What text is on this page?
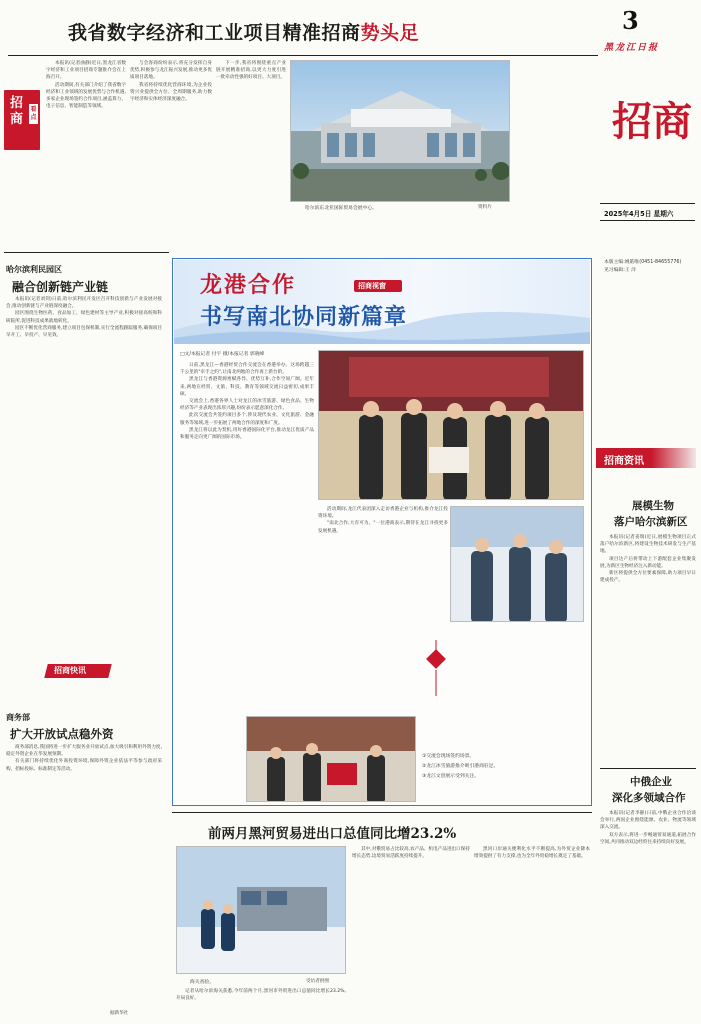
我省数字经济和工业项目精准招商势头足
招商
看点

本报讯(记者曲静)近日,黑龙江省数字经济和工业项目招商专题推介会在上海召开。

活动期间,有关部门介绍了我省数字经济和工业领域的发展优势与合作机遇,多家企业现场签约合作项目,涵盖算力、电子信息、智能制造等领域。

与会客商纷纷表示,将充分发挥自身优势,积极参与龙江振兴发展,推动更多优质项目落地。

我省将持续优化营商环境,为企业投资兴业提供全方位、全周期服务,助力数字经济和实体经济深度融合。

下一步,我省将围绕重点产业链开展精准招商,以更大力度引进一批牵动性强的好项目、大项目。

哈尔滨东北亚国际贸易会展中心。	资料片
3
黑龙江日报
招商
2025年4月5日 星期六
本版主编:姚皓唯(0451-84655776)
见习编辑:王 洋
哈尔滨利民园区
融合创新链产业链

本报讯(记者刘剑)日前,哈尔滨利民开发区召开科技创新与产业发展对接会,推动创新链与产业链深度融合。

园区围绕生物医药、食品加工、绿色建材等主导产业,积极对接高校和科研院所,促进科技成果就地转化。

园区不断优化营商服务,建立项目包保机制,实行全流程跟踪服务,确保项目早开工、早投产、早见效。

招商快讯
商务部
扩大开放试点稳外资

商务部消息,我国将进一步扩大服务业开放试点,加大吸引和利用外资力度,稳定外资企业在华发展预期。

有关部门将持续优化外商投资环境,保障外资企业依法平等参与政府采购、招标投标、标准制定等活动。

据新华社
龙港合作
书写南北协同新篇章
招商视窗
□文/本报记者 付宇 摄/本报记者 郭晓峰

日前,黑龙江—香港经贸合作交流会在香港举办。这场跨越三千公里的"牵手之约",让南北两地的合作再上新台阶。

黑龙江与香港资源禀赋各异、优势互补,合作空间广阔。近年来,两地在经贸、文旅、科技、教育等领域交流日益密切,成果丰硕。

交流会上,香港各界人士对龙江的冰雪旅游、绿色食品、生物经济等产业表现出浓厚兴趣,纷纷表示愿意深化合作。

此次交流会共签约项目多个,涉及现代农业、文化旅游、金融服务等领域,进一步拓展了两地合作的深度和广度。

黑龙江将以此为契机,用好香港国际化平台,推动龙江优质产品和服务走向更广阔的国际市场。

活动期间,龙江代表团深入走访香港企业与机构,推介龙江投资环境。

"南北合作,大有可为。"一位港商表示,期待在龙江寻找更多发展机遇。

①交流会现场签约场景。
②龙江冰雪旅游推介吸引港商驻足。
③龙江文创展示受到关注。
招商资讯
展模生物
落户哈尔滨新区

本报讯(记者姜瑞)近日,展模生物项目正式落户哈尔滨新区,将建设生物技术研发与生产基地。

项目达产后将带动上下游配套企业集聚发展,为新区生物经济注入新动能。

新区将提供全方位要素保障,助力项目早日建成投产。

中俄企业
深化多领域合作

本报讯(记者李静)日前,中俄企业合作洽谈会举行,两国企业围绕能源、农业、物流等领域深入交流。

双方表示,将进一步畅通贸易通道,拓展合作空间,共同推动双边经贸往来持续向好发展。

前两月黑河贸易进出口总值同比增23.2%
海关查验。	受访者供图

记者从哈尔滨海关获悉,今年前两个月,黑河市外贸进出口总值同比增长23.2%,开局良好。

其中,对俄贸易占比较高,农产品、机电产品进出口保持增长态势,边境贸易活跃度持续提升。

黑河口岸通关便利化水平不断提高,为外贸企业降本增效提供了有力支撑,也为全年外贸稳增长奠定了基础。
